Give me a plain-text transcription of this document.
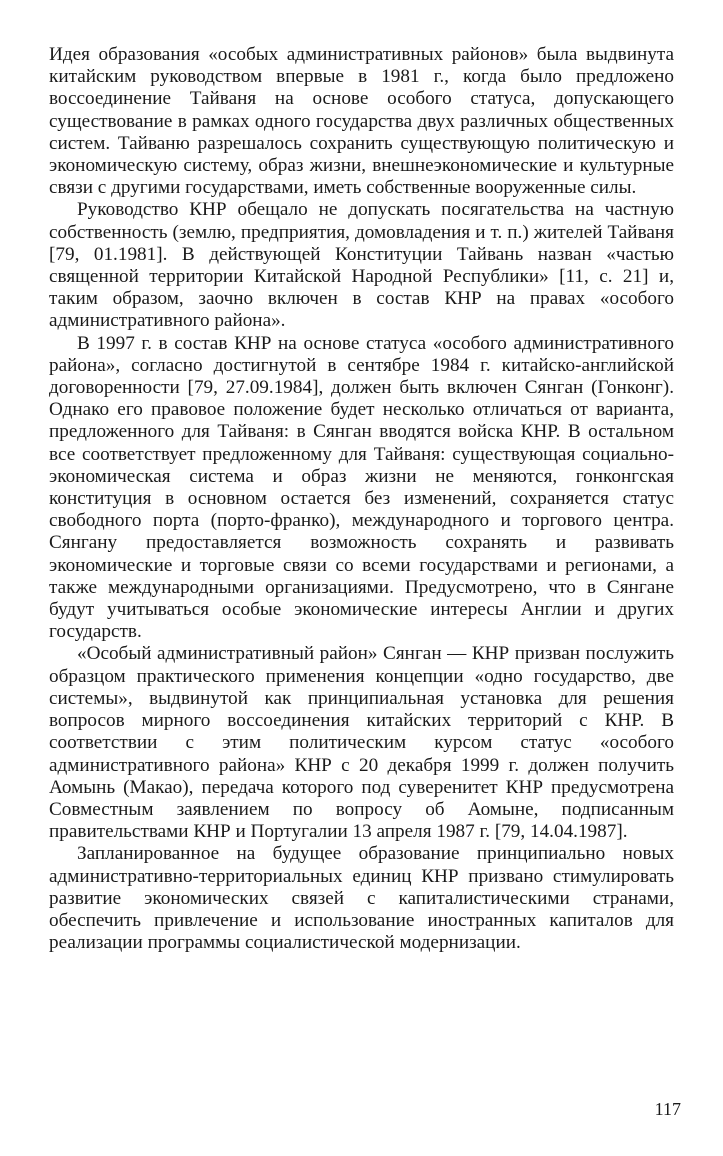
Идея образования «особых административных районов» была выдвинута китайским руководством впервые в 1981 г., когда было предложено воссоединение Тайваня на основе особого статуса, допускающего существование в рамках одного государства двух различных общественных систем. Тайваню разрешалось сохранить существующую политическую и экономическую систему, образ жизни, внешнеэкономические и культурные связи с другими государствами, иметь собственные вооруженные силы.

Руководство КНР обещало не допускать посягательства на частную собственность (землю, предприятия, домовладения и т. п.) жителей Тайваня [79, 01.1981]. В действующей Конституции Тайвань назван «частью священной территории Китайской Народной Республики» [11, с. 21] и, таким образом, заочно включен в состав КНР на правах «особого административного района».

В 1997 г. в состав КНР на основе статуса «особого административного района», согласно достигнутой в сентябре 1984 г. китайско-английской договоренности [79, 27.09.1984], должен быть включен Сянган (Гонконг). Однако его правовое положение будет несколько отличаться от варианта, предложенного для Тайваня: в Сянган вводятся войска КНР. В остальном все соответствует предложенному для Тайваня: существующая социально-экономическая система и образ жизни не меняются, гонконгская конституция в основном остается без изменений, сохраняется статус свободного порта (порто-франко), международного и торгового центра. Сянгану предоставляется возможность сохранять и развивать экономические и торговые связи со всеми государствами и регионами, а также международными организациями. Предусмотрено, что в Сянгане будут учитываться особые экономические интересы Англии и других государств.

«Особый административный район» Сянган — КНР призван послужить образцом практического применения концепции «одно государство, две системы», выдвинутой как принципиальная установка для решения вопросов мирного воссоединения китайских территорий с КНР. В соответствии с этим политическим курсом статус «особого административного района» КНР с 20 декабря 1999 г. должен получить Аомынь (Макао), передача которого под суверенитет КНР предусмотрена Совместным заявлением по вопросу об Аомыне, подписанным правительствами КНР и Португалии 13 апреля 1987 г. [79, 14.04.1987].

Запланированное на будущее образование принципиально новых административно-территориальных единиц КНР призвано стимулировать развитие экономических связей с капиталистическими странами, обеспечить привлечение и использование иностранных капиталов для реализации программы социалистической модернизации.

117
